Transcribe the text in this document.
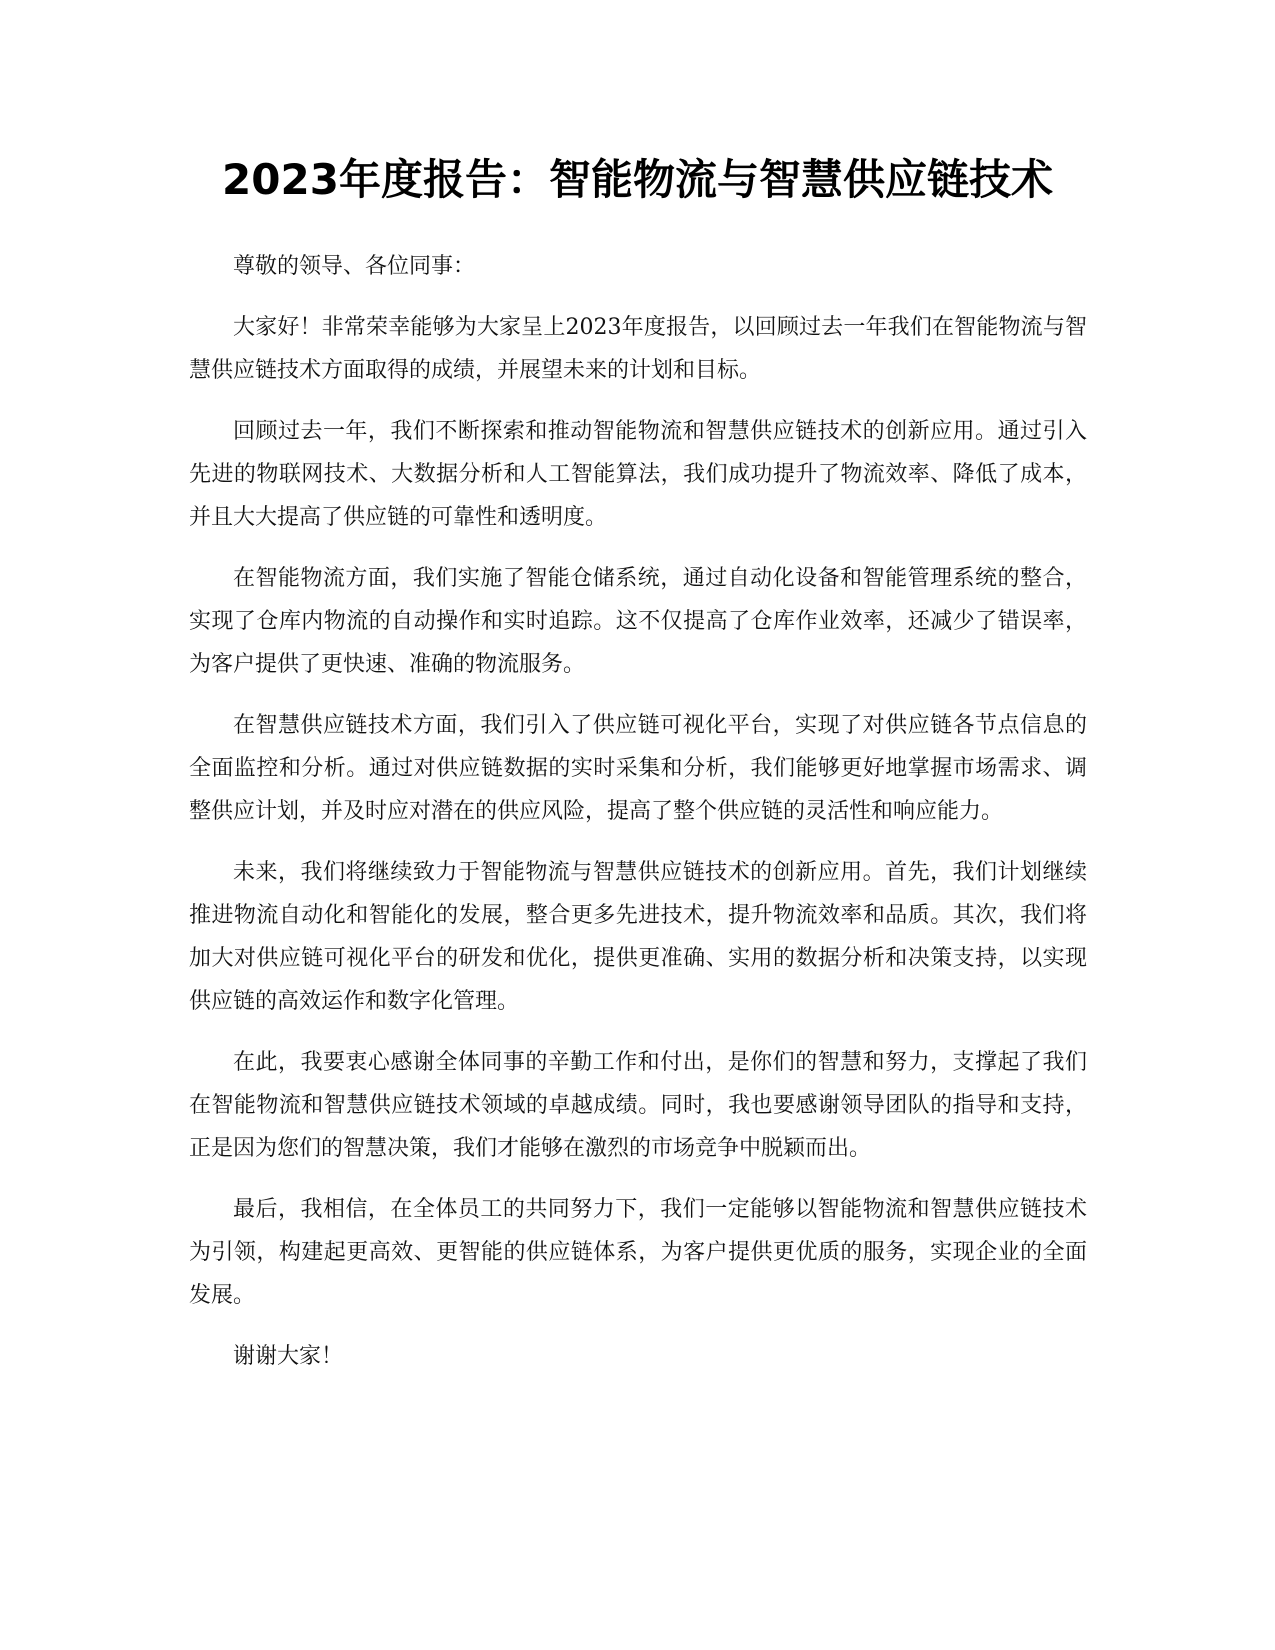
2023年度报告：智能物流与智慧供应链技术

尊敬的领导、各位同事：

大家好！非常荣幸能够为大家呈上2023年度报告，以回顾过去一年我们在智能物流与智慧供应链技术方面取得的成绩，并展望未来的计划和目标。

回顾过去一年，我们不断探索和推动智能物流和智慧供应链技术的创新应用。通过引入先进的物联网技术、大数据分析和人工智能算法，我们成功提升了物流效率、降低了成本，并且大大提高了供应链的可靠性和透明度。

在智能物流方面，我们实施了智能仓储系统，通过自动化设备和智能管理系统的整合，实现了仓库内物流的自动操作和实时追踪。这不仅提高了仓库作业效率，还减少了错误率，为客户提供了更快速、准确的物流服务。

在智慧供应链技术方面，我们引入了供应链可视化平台，实现了对供应链各节点信息的全面监控和分析。通过对供应链数据的实时采集和分析，我们能够更好地掌握市场需求、调整供应计划，并及时应对潜在的供应风险，提高了整个供应链的灵活性和响应能力。

未来，我们将继续致力于智能物流与智慧供应链技术的创新应用。首先，我们计划继续推进物流自动化和智能化的发展，整合更多先进技术，提升物流效率和品质。其次，我们将加大对供应链可视化平台的研发和优化，提供更准确、实用的数据分析和决策支持，以实现供应链的高效运作和数字化管理。

在此，我要衷心感谢全体同事的辛勤工作和付出，是你们的智慧和努力，支撑起了我们在智能物流和智慧供应链技术领域的卓越成绩。同时，我也要感谢领导团队的指导和支持，正是因为您们的智慧决策，我们才能够在激烈的市场竞争中脱颖而出。

最后，我相信，在全体员工的共同努力下，我们一定能够以智能物流和智慧供应链技术为引领，构建起更高效、更智能的供应链体系，为客户提供更优质的服务，实现企业的全面发展。

谢谢大家！
